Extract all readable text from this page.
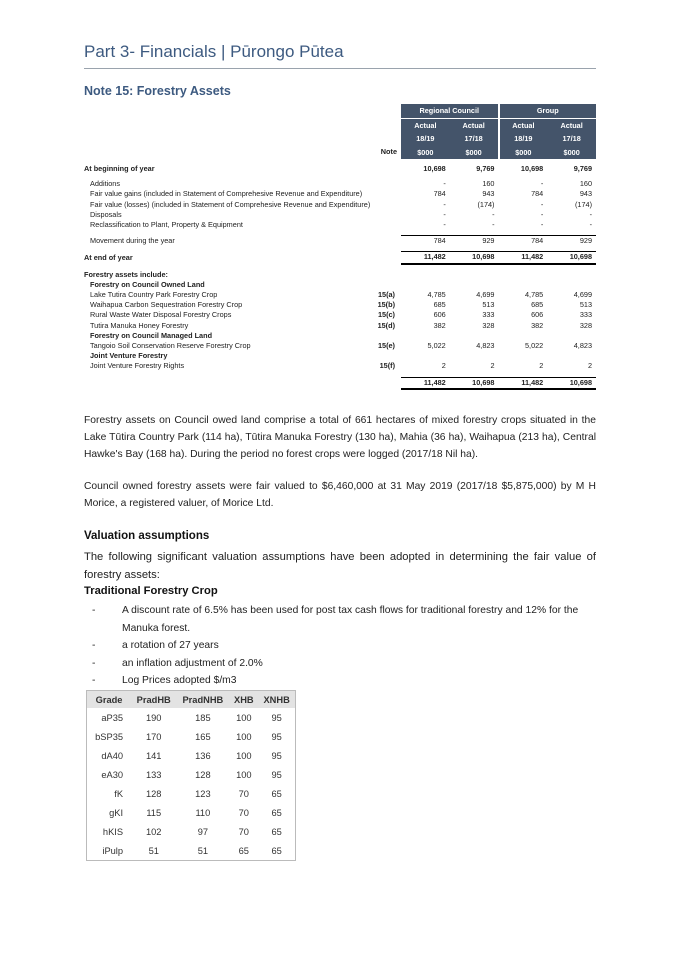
Part 3- Financials | Pūrongo Pūtea
Note 15: Forestry Assets
		Regional Council		Group	
		Actual	Actual	Actual	Actual
		18/19	17/18	18/19	17/18
	Note	$000	$000	$000	$000

At beginning of year		10,698	9,769	10,698	9,769

Additions		-	160	-	160
Fair value gains (included in Statement of Comprehesive Revenue and Expenditure)		784	943	784	943
Fair value (losses) (included in Statement of Comprehesive Revenue and Expenditure)		-	(174)	-	(174)
Disposals		-	-	-	-
Reclassification to Plant, Property & Equipment		-	-	-	-

Movement during the year		784	929	784	929

At end of year		11,482	10,698	11,482	10,698

Forestry assets include:					
Forestry on Council Owned Land					
Lake Tutira Country Park Forestry Crop	15(a)	4,785	4,699	4,785	4,699
Waihapua Carbon Sequestration Forestry Crop	15(b)	685	513	685	513
Rural Waste Water Disposal Forestry Crops	15(c)	606	333	606	333
Tutira Manuka Honey Forestry	15(d)	382	328	382	328
Forestry on Council Managed Land					
Tangoio Soil Conservation Reserve Forestry Crop	15(e)	5,022	4,823	5,022	4,823
Joint Venture Forestry					
Joint Venture Forestry Rights	15(f)	2	2	2	2

		11,482	10,698	11,482	10,698
Forestry assets on Council owed land comprise a total of 661 hectares of mixed forestry crops situated in the Lake Tūtira Country Park (114 ha), Tūtira Manuka Forestry (130 ha), Mahia (36 ha), Waihapua (213 ha), Central Hawke's Bay (168 ha). During the period no forest crops were logged (2017/18 Nil ha).
Council owned forestry assets were fair valued to $6,460,000 at 31 May 2019 (2017/18 $5,875,000) by M H Morice, a registered valuer, of Morice Ltd.
Valuation assumptions
The following significant valuation assumptions have been adopted in determining the fair value of forestry assets:
Traditional Forestry Crop
-	A discount rate of 6.5% has been used for post tax cash flows for traditional forestry and 12% for the Manuka forest.
-	a rotation of 27 years
-	an inflation adjustment of 2.0%
-	Log Prices adopted $/m3
Grade	PradHB	PradNHB	XHB	XNHB
aP35	190	185	100	95
bSP35	170	165	100	95
dA40	141	136	100	95
eA30	133	128	100	95
fK	128	123	70	65
gKI	115	110	70	65
hKIS	102	97	70	65
iPulp	51	51	65	65
